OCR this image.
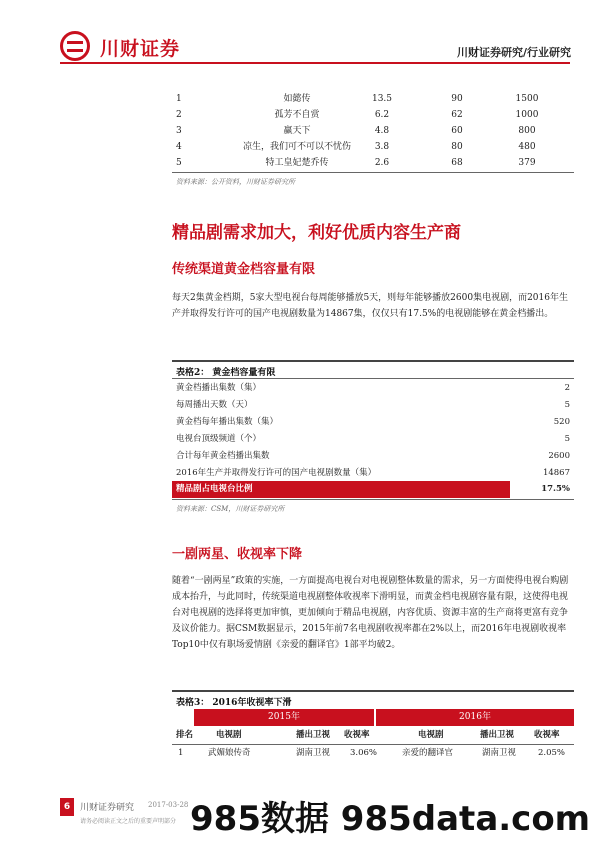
川财证券	川财证券研究/行业研究
1	如懿传	13.5	90	1500
2	孤芳不自赏	6.2	62	1000
3	赢天下	4.8	60	800
4	凉生，我们可不可以不忧伤	3.8	80	480
5	特工皇妃楚乔传	2.6	68	379
资料来源：公开资料，川财证券研究所
精品剧需求加大，利好优质内容生产商
传统渠道黄金档容量有限
每天2集黄金档期，5家大型电视台每周能够播放5天，则每年能够播放2600集电视剧，而2016年生产并取得发行许可的国产电视剧数量为14867集，仅仅只有17.5%的电视剧能够在黄金档播出。
表格2： 黄金档容量有限
黄金档播出集数（集）	2
每周播出天数（天）	5
黄金档每年播出集数（集）	520
电视台顶级频道（个）	5
合计每年黄金档播出集数	2600
2016年生产并取得发行许可的国产电视剧数量（集）	14867
精品剧占电视台比例	17.5%
资料来源：CSM，川财证券研究所
一剧两星、收视率下降
随着“一剧两星”政策的实施，一方面提高电视台对电视剧整体数量的需求，另一方面使得电视台购剧成本抬升，与此同时，传统渠道电视剧整体收视率下滑明显，而黄金档电视剧容量有限，这使得电视台对电视剧的选择将更加审慎，更加倾向于精品电视剧，内容优质、资源丰富的生产商将更富有竞争及议价能力。据CSM数据显示，2015年前7名电视剧收视率都在2%以上，而2016年电视剧收视率Top10中仅有职场爱情剧《亲爱的翻译官》1部平均破2。
表格3： 2016年收视率下滑
2015年	2016年
排名	电视剧	播出卫视 收视率	电视剧	播出卫视 收视率
1	武媚娘传奇	湖南卫视 3.06%	亲爱的翻译官	湖南卫视	2.05%
6	川财证券研究 2017-03-28
请务必阅读正文之后的重要声明部分 985数据 985data.com
